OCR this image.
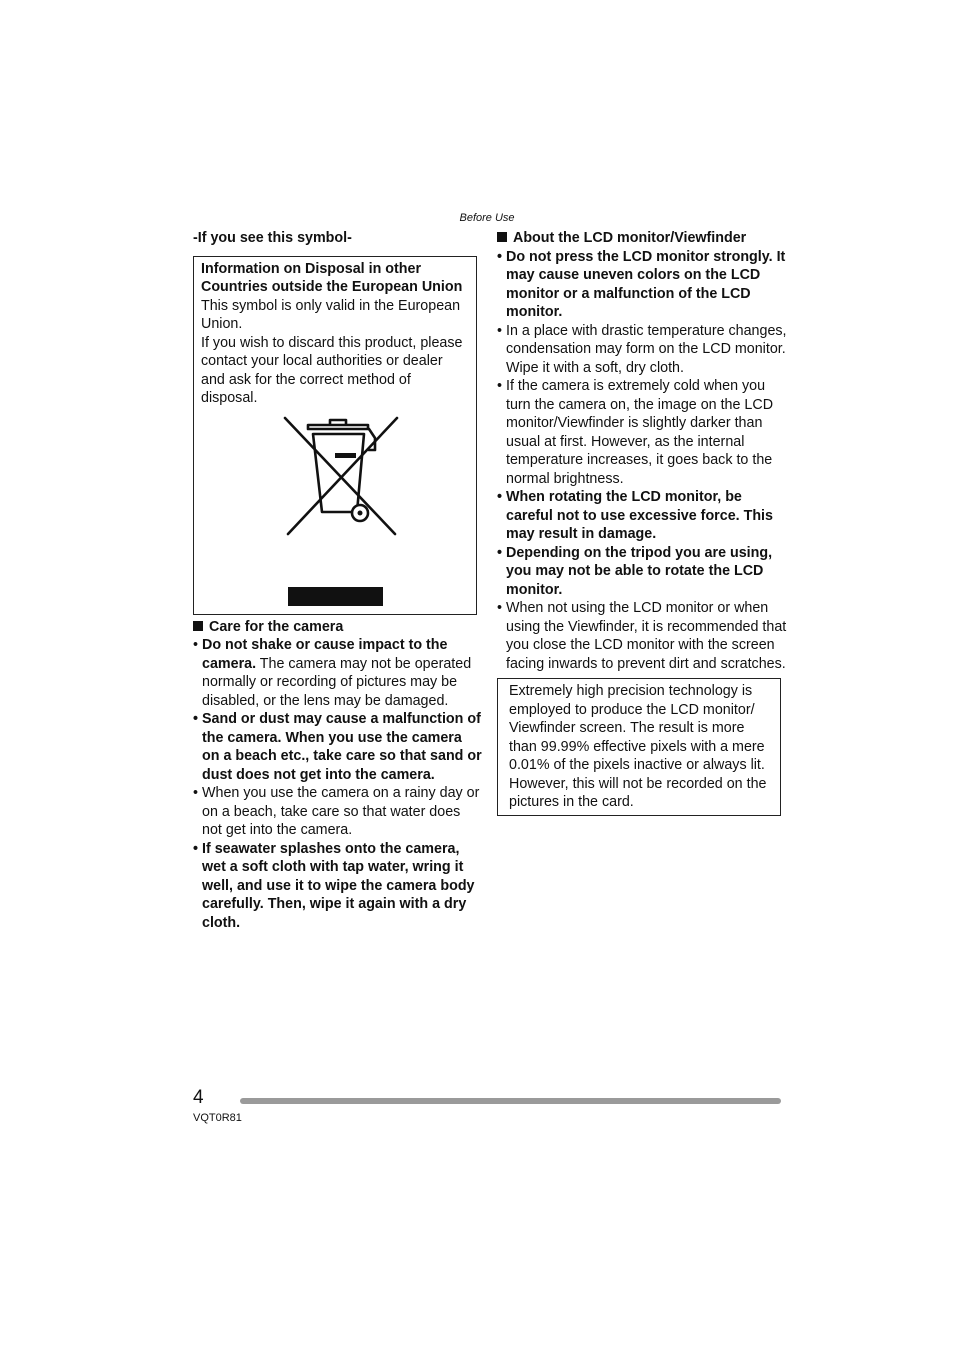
Before Use

-If you see this symbol-

Information on Disposal in other Countries outside the European Union

This symbol is only valid in the European Union.

If you wish to discard this product, please contact your local authorities or dealer and ask for the correct method of disposal.

Care for the camera

• Do not shake or cause impact to the camera. The camera may not be operated normally or recording of pictures may be disabled, or the lens may be damaged.
• Sand or dust may cause a malfunction of the camera. When you use the camera on a beach etc., take care so that sand or dust does not get into the camera.
• When you use the camera on a rainy day or on a beach, take care so that water does not get into the camera.
• If seawater splashes onto the camera, wet a soft cloth with tap water, wring it well, and use it to wipe the camera body carefully. Then, wipe it again with a dry cloth.

About the LCD monitor/Viewfinder

• Do not press the LCD monitor strongly. It may cause uneven colors on the LCD monitor or a malfunction of the LCD monitor.
• In a place with drastic temperature changes, condensation may form on the LCD monitor. Wipe it with a soft, dry cloth.
• If the camera is extremely cold when you turn the camera on, the image on the LCD monitor/Viewfinder is slightly darker than usual at first. However, as the internal temperature increases, it goes back to the normal brightness.
• When rotating the LCD monitor, be careful not to use excessive force. This may result in damage.
• Depending on the tripod you are using, you may not be able to rotate the LCD monitor.
• When not using the LCD monitor or when using the Viewfinder, it is recommended that you close the LCD monitor with the screen facing inwards to prevent dirt and scratches.
Extremely high precision technology is employed to produce the LCD monitor/ Viewfinder screen. The result is more than 99.99% effective pixels with a mere 0.01% of the pixels inactive or always lit. However, this will not be recorded on the pictures in the card.
4
VQT0R81
